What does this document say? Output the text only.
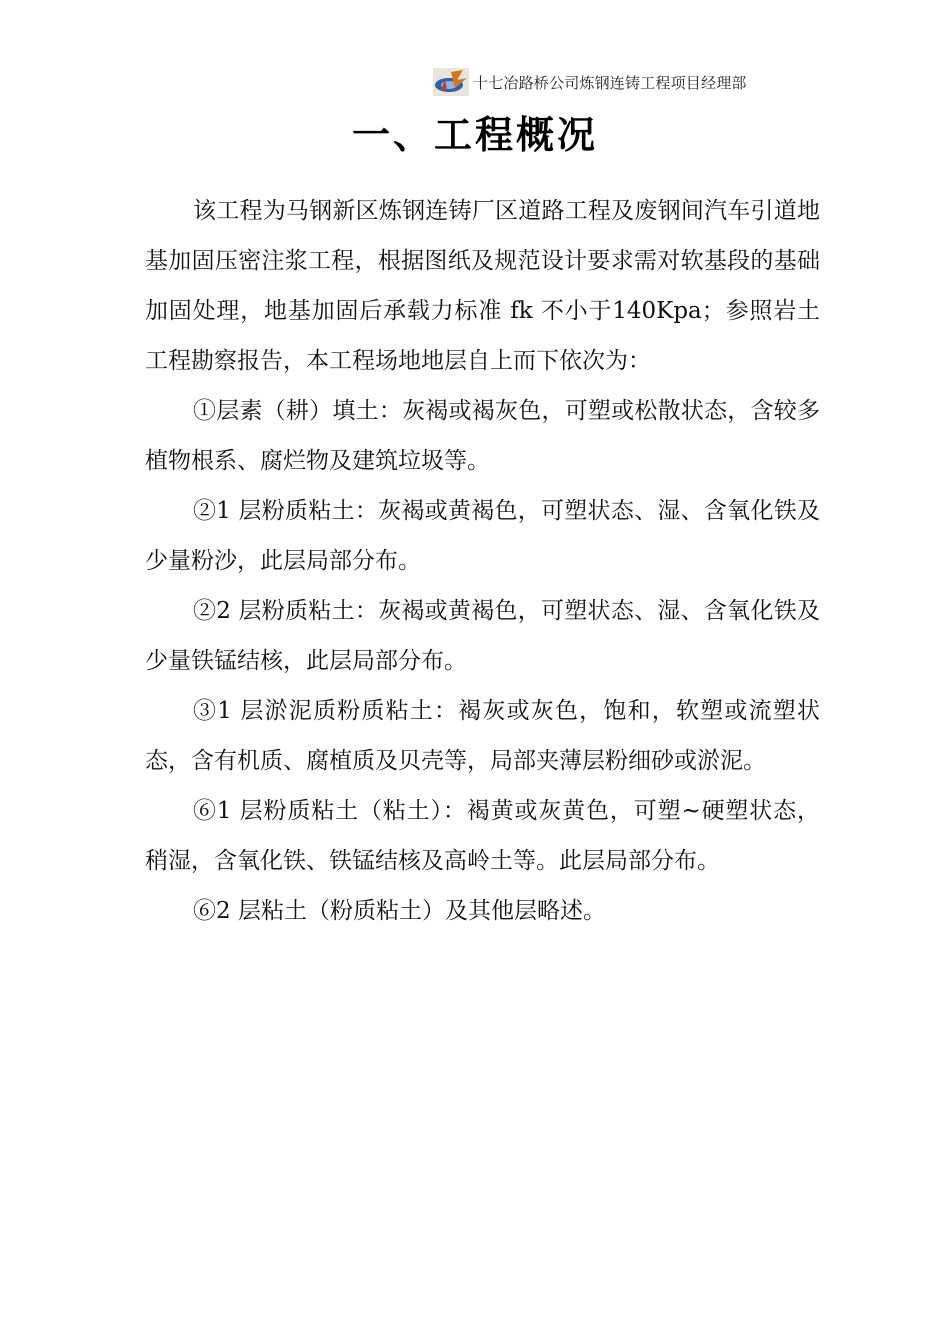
十七冶路桥公司炼钢连铸工程项目经理部
一、工程概况

该工程为马钢新区炼钢连铸厂区道路工程及废钢间汽车引道地基加固压密注浆工程，根据图纸及规范设计要求需对软基段的基础加固处理，地基加固后承载力标准 fk 不小于140Kpa；参照岩土工程勘察报告，本工程场地地层自上而下依次为：

①层素（耕）填土：灰褐或褐灰色，可塑或松散状态，含较多植物根系、腐烂物及建筑垃圾等。

②1 层粉质粘土：灰褐或黄褐色，可塑状态、湿、含氧化铁及少量粉沙，此层局部分布。

②2 层粉质粘土：灰褐或黄褐色，可塑状态、湿、含氧化铁及少量铁锰结核，此层局部分布。

③1 层淤泥质粉质粘土：褐灰或灰色，饱和，软塑或流塑状态，含有机质、腐植质及贝壳等，局部夹薄层粉细砂或淤泥。

⑥1 层粉质粘土（粘土）：褐黄或灰黄色，可塑~硬塑状态，稍湿，含氧化铁、铁锰结核及高岭土等。此层局部分布。

⑥2 层粘土（粉质粘土）及其他层略述。
